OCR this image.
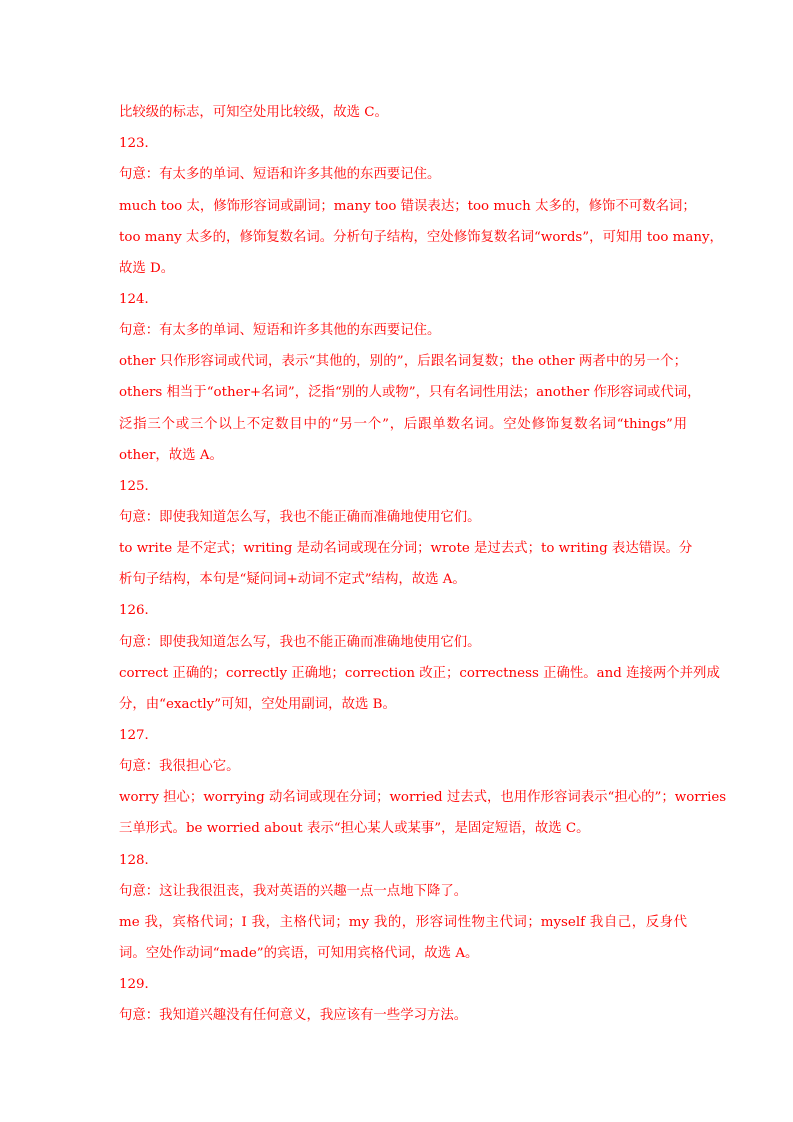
比较级的标志，可知空处用比较级，故选 C。
123．
句意：有太多的单词、短语和许多其他的东西要记住。
much too 太，修饰形容词或副词；many too 错误表达；too much 太多的，修饰不可数名词；
too many 太多的，修饰复数名词。分析句子结构，空处修饰复数名词“words”，可知用 too many，
故选 D。
124．
句意：有太多的单词、短语和许多其他的东西要记住。
other 只作形容词或代词，表示“其他的，别的”，后跟名词复数；the other 两者中的另一个；
others 相当于“other+名词”，泛指“别的人或物”，只有名词性用法；another 作形容词或代词，
泛指三个或三个以上不定数目中的“另一个”，后跟单数名词。空处修饰复数名词“things”用
other，故选 A。
125．
句意：即使我知道怎么写，我也不能正确而准确地使用它们。
to write 是不定式；writing 是动名词或现在分词；wrote 是过去式；to writing 表达错误。分
析句子结构，本句是“疑问词+动词不定式”结构，故选 A。
126．
句意：即使我知道怎么写，我也不能正确而准确地使用它们。
correct 正确的；correctly 正确地；correction 改正；correctness 正确性。and 连接两个并列成
分，由“exactly”可知，空处用副词，故选 B。
127．
句意：我很担心它。
worry 担心；worrying 动名词或现在分词；worried 过去式，也用作形容词表示“担心的”；worries
三单形式。be worried about 表示“担心某人或某事”，是固定短语，故选 C。
128．
句意：这让我很沮丧，我对英语的兴趣一点一点地下降了。
me 我，宾格代词；I 我，主格代词；my 我的，形容词性物主代词；myself 我自己，反身代
词。空处作动词“made”的宾语，可知用宾格代词，故选 A。
129．
句意：我知道兴趣没有任何意义，我应该有一些学习方法。
